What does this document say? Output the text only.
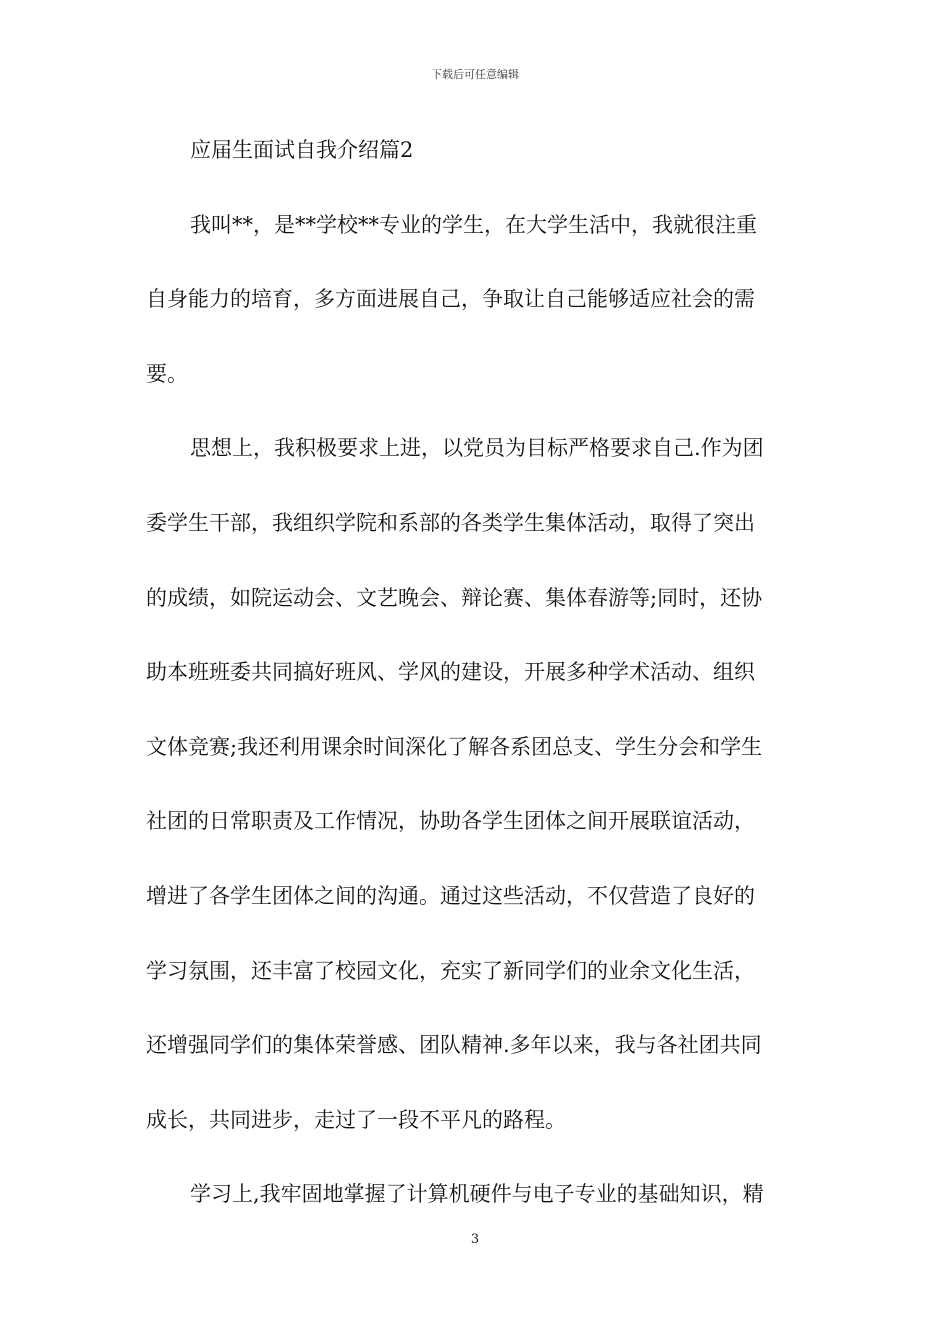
下载后可任意编辑
应届生面试自我介绍篇2
我叫**，是**学校**专业的学生，在大学生活中，我就很注重
自身能力的培育，多方面进展自己，争取让自己能够适应社会的需
要。
思想上，我积极要求上进，以党员为目标严格要求自己.作为团
委学生干部，我组织学院和系部的各类学生集体活动，取得了突出
的成绩，如院运动会、文艺晚会、辩论赛、集体春游等;同时，还协
助本班班委共同搞好班风、学风的建设，开展多种学术活动、组织
文体竞赛;我还利用课余时间深化了解各系团总支、学生分会和学生
社团的日常职责及工作情况，协助各学生团体之间开展联谊活动，
增进了各学生团体之间的沟通。通过这些活动，不仅营造了良好的
学习氛围，还丰富了校园文化，充实了新同学们的业余文化生活，
还增强同学们的集体荣誉感、团队精神.多年以来，我与各社团共同
成长，共同进步，走过了一段不平凡的路程。
学习上,我牢固地掌握了计算机硬件与电子专业的基础知识，精
3
